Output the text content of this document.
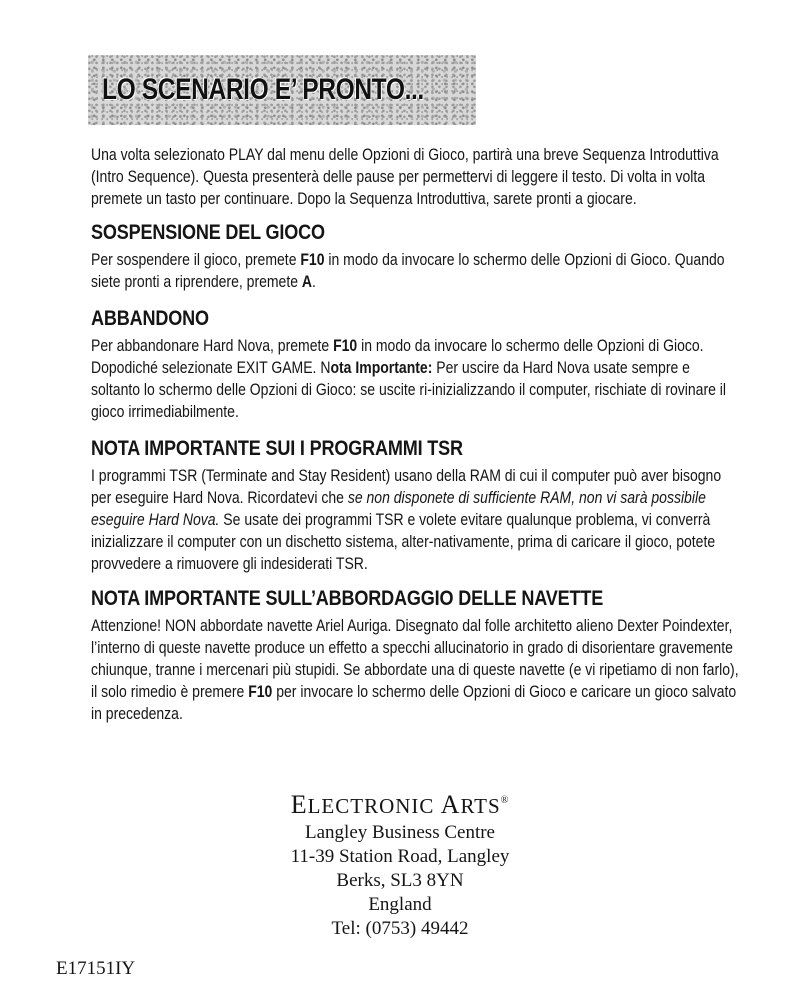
LO SCENARIO E’ PRONTO...

Una volta selezionato PLAY dal menu delle Opzioni di Gioco, partirà una breve Sequenza Introduttiva (Intro Sequence). Questa presenterà delle pause per permettervi di leggere il testo. Di volta in volta premete un tasto per continuare. Dopo la Sequenza Introduttiva, sarete pronti a giocare.

SOSPENSIONE DEL GIOCO

Per sospendere il gioco, premete F10 in modo da invocare lo schermo delle Opzioni di Gioco. Quando siete pronti a riprendere, premete A.

ABBANDONO

Per abbandonare Hard Nova, premete F10 in modo da invocare lo schermo delle Opzioni di Gioco. Dopodiché selezionate EXIT GAME. Nota Importante: Per uscire da Hard Nova usate sempre e soltanto lo schermo delle Opzioni di Gioco: se uscite ri-inizializzando il computer, rischiate di rovinare il gioco irrimediabilmente.

NOTA IMPORTANTE SUI I PROGRAMMI TSR

I programmi TSR (Terminate and Stay Resident) usano della RAM di cui il computer può aver bisogno per eseguire Hard Nova. Ricordatevi che se non disponete di sufficiente RAM, non vi sarà possibile eseguire Hard Nova. Se usate dei programmi TSR e volete evitare qualunque problema, vi converrà inizializzare il computer con un dischetto sistema, alter-nativamente, prima di caricare il gioco, potete provvedere a rimuovere gli indesiderati TSR.

NOTA IMPORTANTE SULL’ABBORDAGGIO DELLE NAVETTE

Attenzione! NON abbordate navette Ariel Auriga. Disegnato dal folle architetto alieno Dexter Poindexter, l’interno di queste navette produce un effetto a specchi allucinatorio in grado di disorientare gravemente chiunque, tranne i mercenari più stupidi. Se abbordate una di queste navette (e vi ripetiamo di non farlo), il solo rimedio è premere F10 per invocare lo schermo delle Opzioni di Gioco e caricare un gioco salvato in precedenza.

ELECTRONIC ARTS®
Langley Business Centre
11-39 Station Road, Langley
Berks, SL3 8YN
England
Tel: (0753) 49442
E17151IY
